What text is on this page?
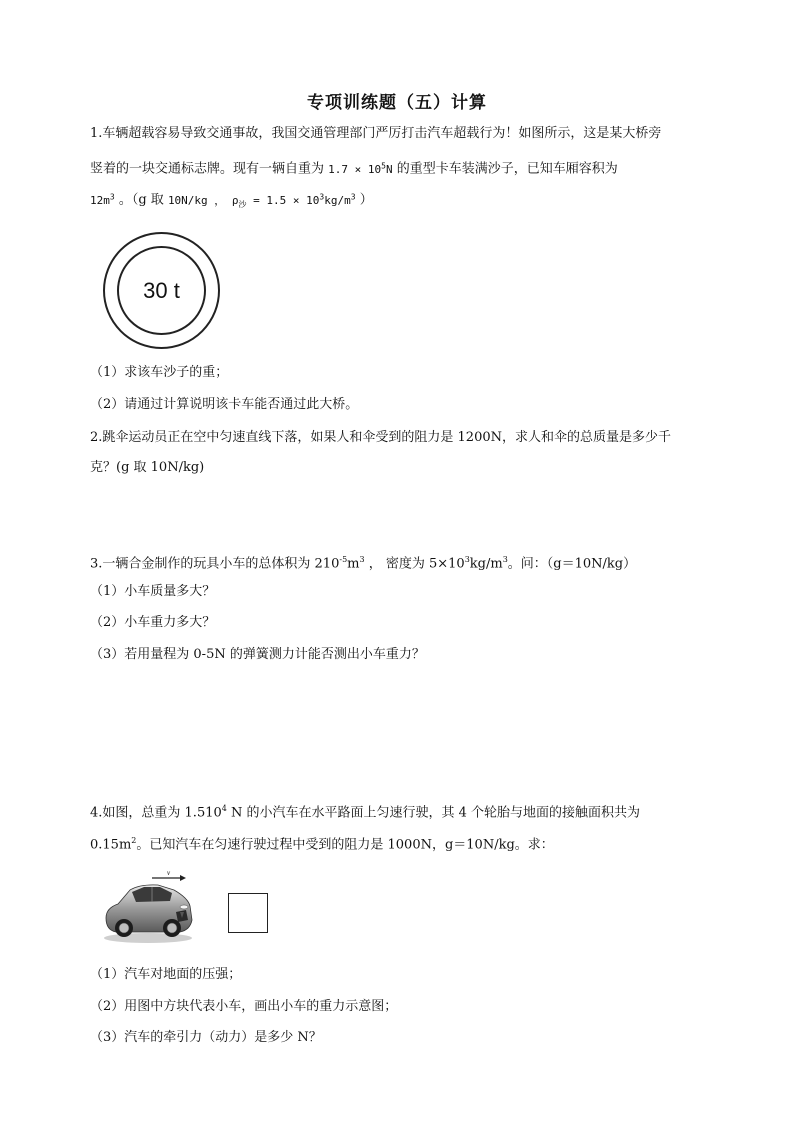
专项训练题（五）计算
1.车辆超载容易导致交通事故，我国交通管理部门严厉打击汽车超载行为！如图所示，这是某大桥旁
竖着的一块交通标志牌。现有一辆自重为 $1.7 \times 10^5N$ 的重型卡车装满沙子，已知车厢容积为
$12m^3$ 。（g 取 10N/kg ， $\rho_沙 = 1.5 \times 10^3kg/m^3$ ）
30 t
（1）求该车沙子的重；
（2）请通过计算说明该卡车能否通过此大桥。
2.跳伞运动员正在空中匀速直线下落，如果人和伞受到的阻力是 1200N，求人和伞的总质量是多少千
克？(g 取 10N/kg)
3.一辆合金制作的玩具小车的总体积为 $210^{-5}m^3$ ， 密度为 $5\times 10^3kg/m^3$。问：（g＝10N/kg）
（1）小车质量多大？
（2）小车重力多大？
（3）若用量程为 0-5N 的弹簧测力计能否测出小车重力？
4.如图，总重为 1.510$^4$ N 的小汽车在水平路面上匀速行驶，其 4 个轮胎与地面的接触面积共为
$0.15m^2$。已知汽车在匀速行驶过程中受到的阻力是 1000N，g＝10N/kg。求：
v
（1）汽车对地面的压强；
（2）用图中方块代表小车，画出小车的重力示意图；
（3）汽车的牵引力（动力）是多少 N？
